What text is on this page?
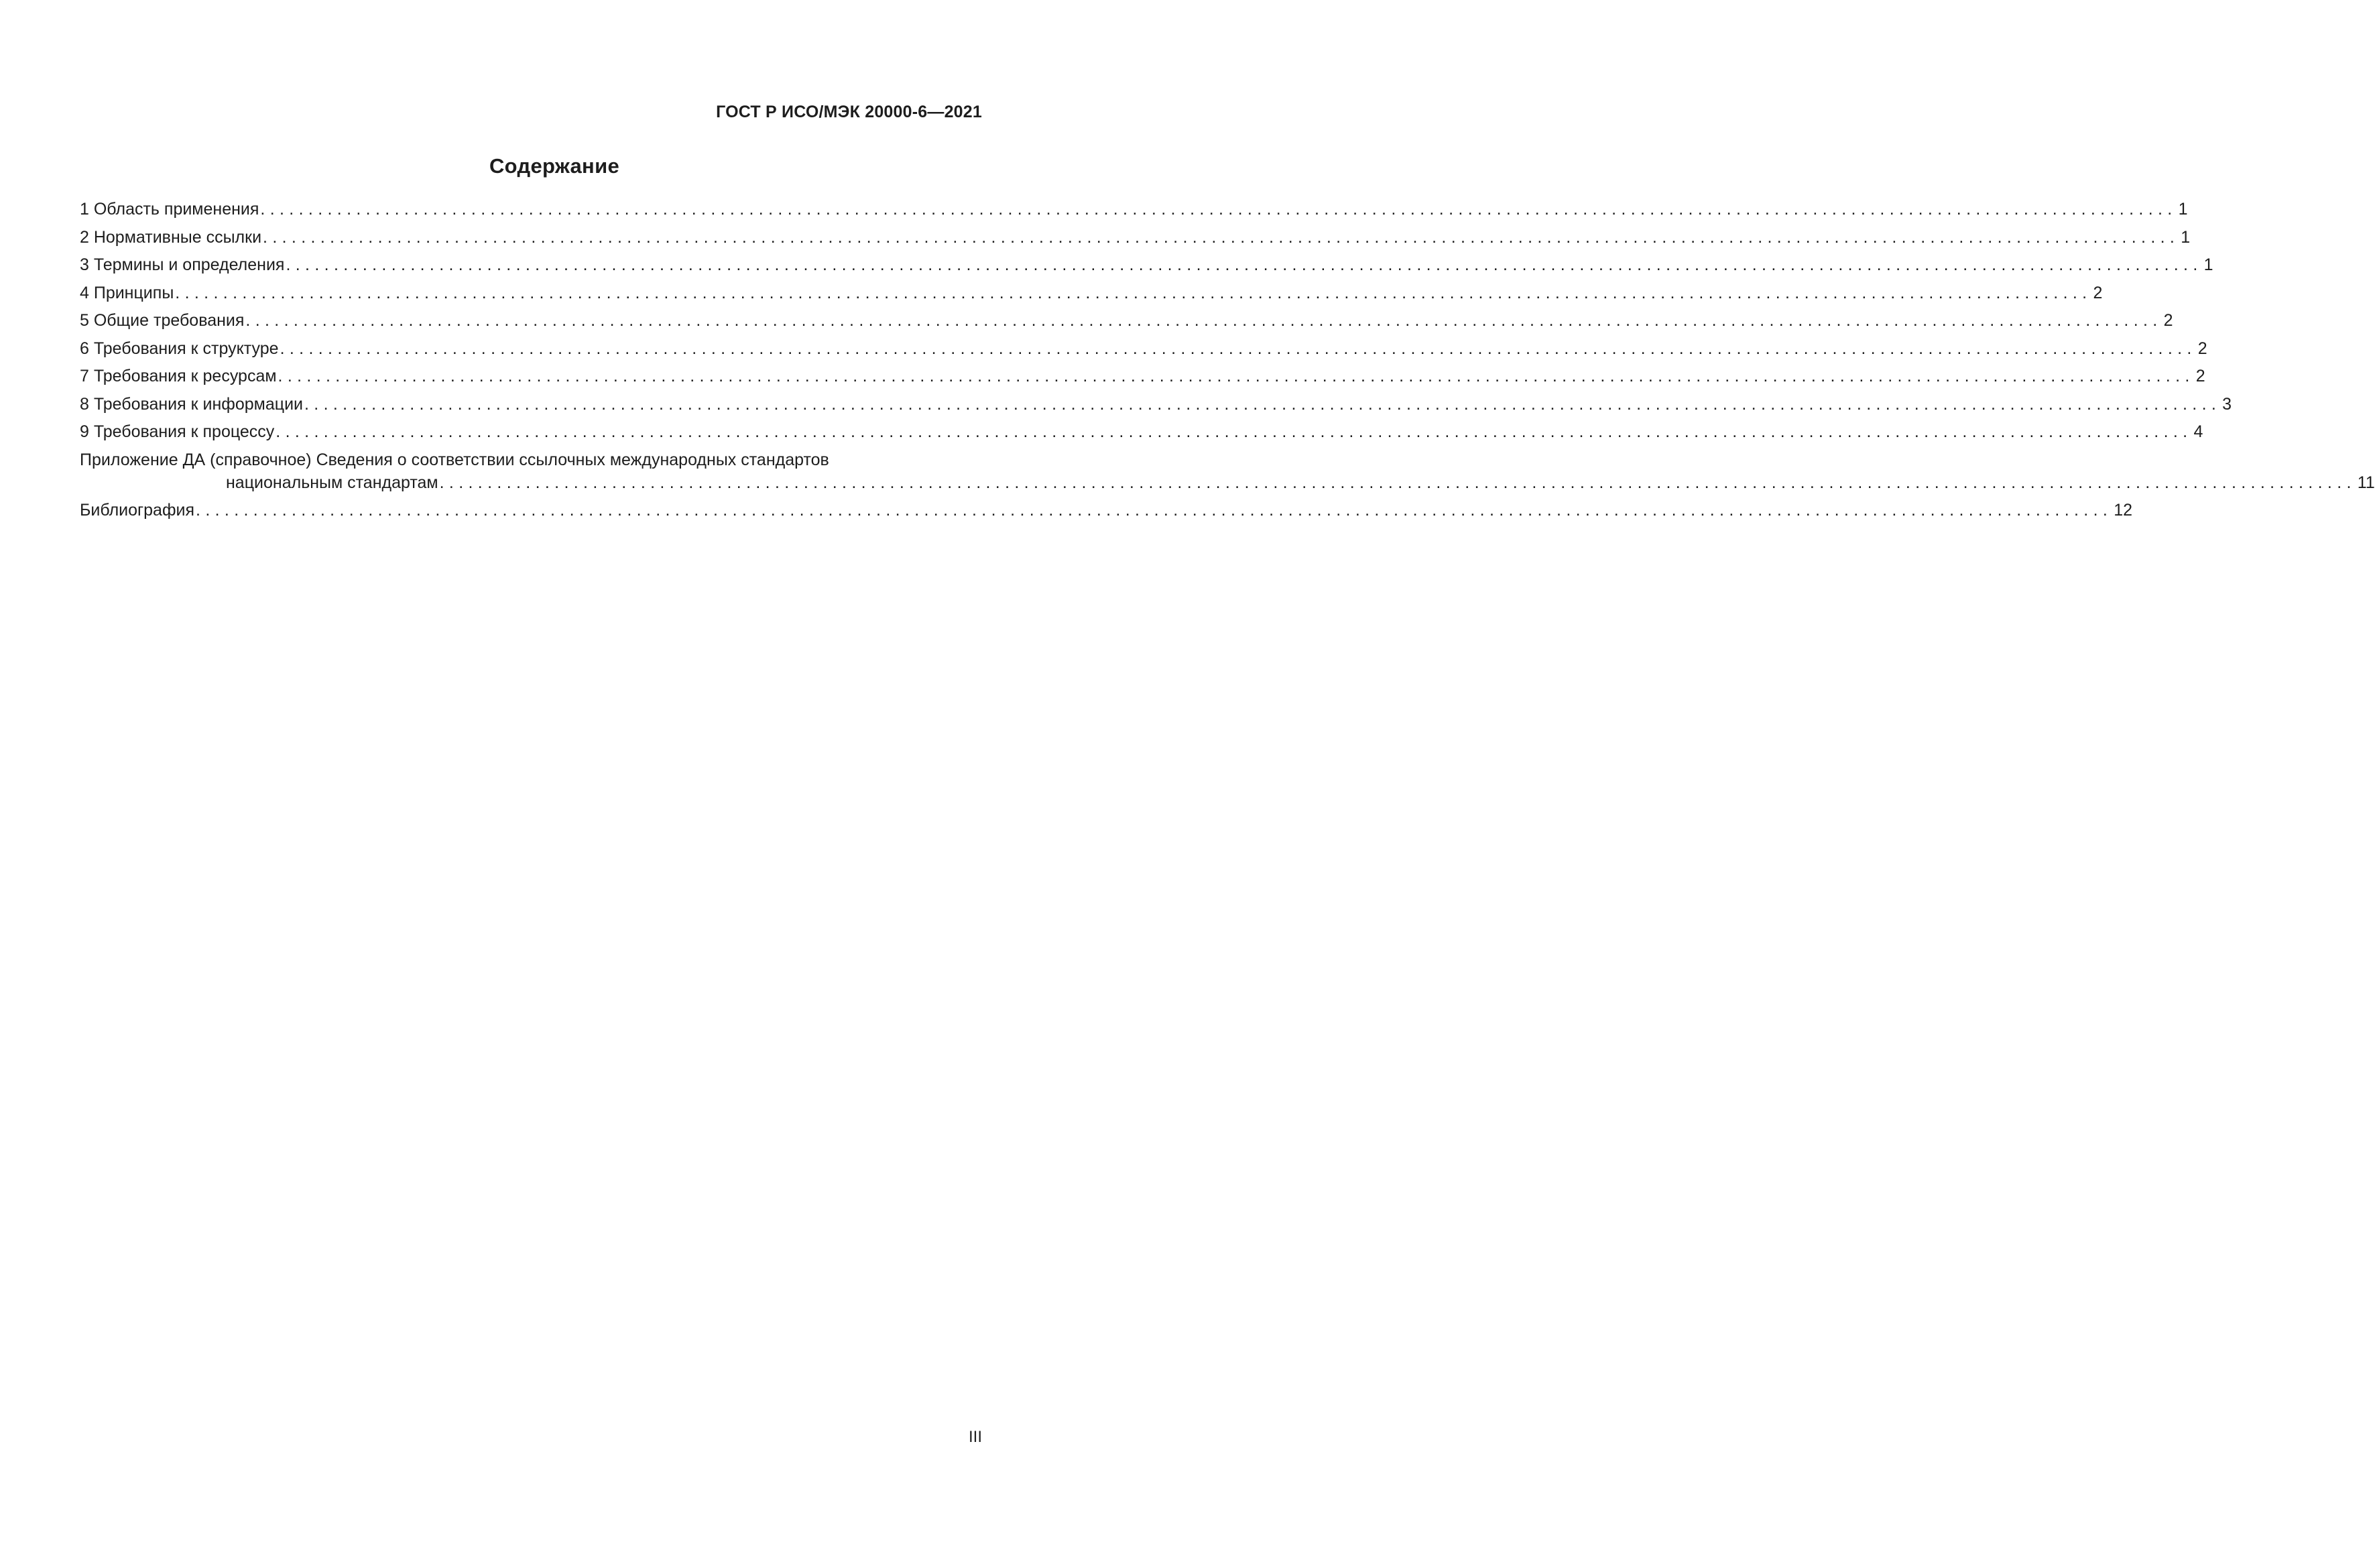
ГОСТ Р ИСО/МЭК 20000-6—2021
Содержание
1 Область применения ........................................................................................................................................................................................................ 1
2 Нормативные ссылки ........................................................................................................................................................................................................ 1
3 Термины и определения ........................................................................................................................................................................................................ 1
4 Принципы ........................................................................................................................................................................................................ 2
5 Общие требования ........................................................................................................................................................................................................ 2
6 Требования к структуре ........................................................................................................................................................................................................ 2
7 Требования к ресурсам ........................................................................................................................................................................................................ 2
8 Требования к информации ........................................................................................................................................................................................................ 3
9 Требования к процессу ........................................................................................................................................................................................................ 4
Приложение ДА (справочное) Сведения о соответствии ссылочных международных стандартов
национальным стандартам ........................................................................................................................................................................................................ 11
Библиография ........................................................................................................................................................................................................ 12
III
